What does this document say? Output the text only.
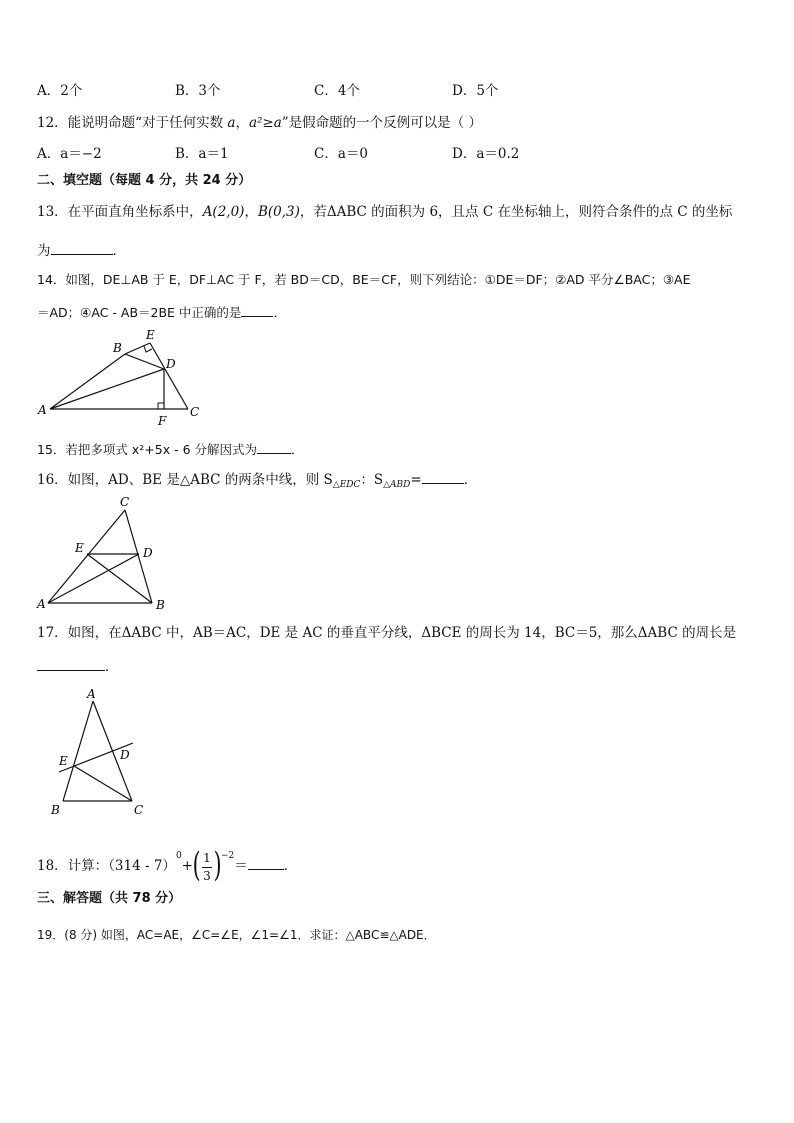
A．2个	B．3个	C．4个	D．5个
12．能说明命题“对于任何实数 a，a²≥a”是假命题的一个反例可以是（ ）
A．a＝−2	B．a＝1	C．a＝0	D．a＝0.2
二、填空题（每题 4 分，共 24 分）
13．在平面直角坐标系中，A(2,0)，B(0,3)，若ΔABC 的面积为 6，且点 C 在坐标轴上，则符合条件的点 C 的坐标
为	．
14．如图，DE⊥AB 于 E，DF⊥AC 于 F，若 BD＝CD，BE＝CF，则下列结论：①DE＝DF；②AD 平分∠BAC；③AE
＝AD；④AC - AB＝2BE 中正确的是	．
A
B
C
D
E
F
15．若把多项式 x²+5x - 6 分解因式为	．
16．如图，AD、BE 是△ABC 的两条中线，则 $S_{\triangle EDC}$：$S_{\triangle ABD}=$	．
A	B
C
D
E
17．如图，在ΔABC 中，AB＝AC，DE 是 AC 的垂直平分线，ΔBCE 的周长为 14，BC＝5，那么ΔABC 的周长是
．
A
B	C
D
E
18．计算：（314 - 7）$^0$+ ( 1
3 ) $^{-2}$＝	．
三、解答题（共 78 分）
19．(8 分) 如图，AC=AE，∠C=∠E，∠1=∠1．求证：△ABC≌△ADE．
